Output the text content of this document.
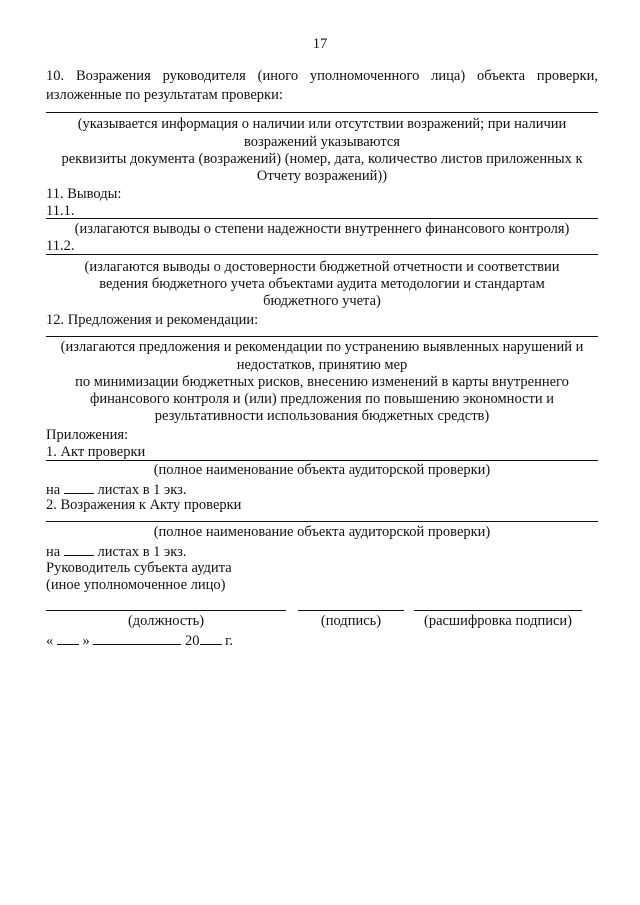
17
10. Возражения руководителя (иного уполномоченного лица) объекта проверки,
изложенные по результатам проверки:
(указывается информация о наличии или отсутствии возражений; при наличии
возражений указываются
реквизиты документа (возражений) (номер, дата, количество листов приложенных к
Отчету возражений))
11. Выводы:
11.1.
(излагаются выводы о степени надежности внутреннего финансового контроля)
11.2.
(излагаются выводы о достоверности бюджетной отчетности и соответствии
ведения бюджетного учета объектами аудита методологии и стандартам
бюджетного учета)
12. Предложения и рекомендации:
(излагаются предложения и рекомендации по устранению выявленных нарушений и
недостатков, принятию мер
по минимизации бюджетных рисков, внесению изменений в карты внутреннего
финансового контроля и (или) предложения по повышению экономности и
результативности использования бюджетных средств)
Приложения:
1. Акт проверки
(полное наименование объекта аудиторской проверки)
на	листах в 1 экз.
2. Возражения к Акту проверки
(полное наименование объекта аудиторской проверки)
на	листах в 1 экз.
Руководитель субъекта аудита
(иное уполномоченное лицо)
(должность)	(подпись)	(расшифровка подписи)
« »	20 г.
